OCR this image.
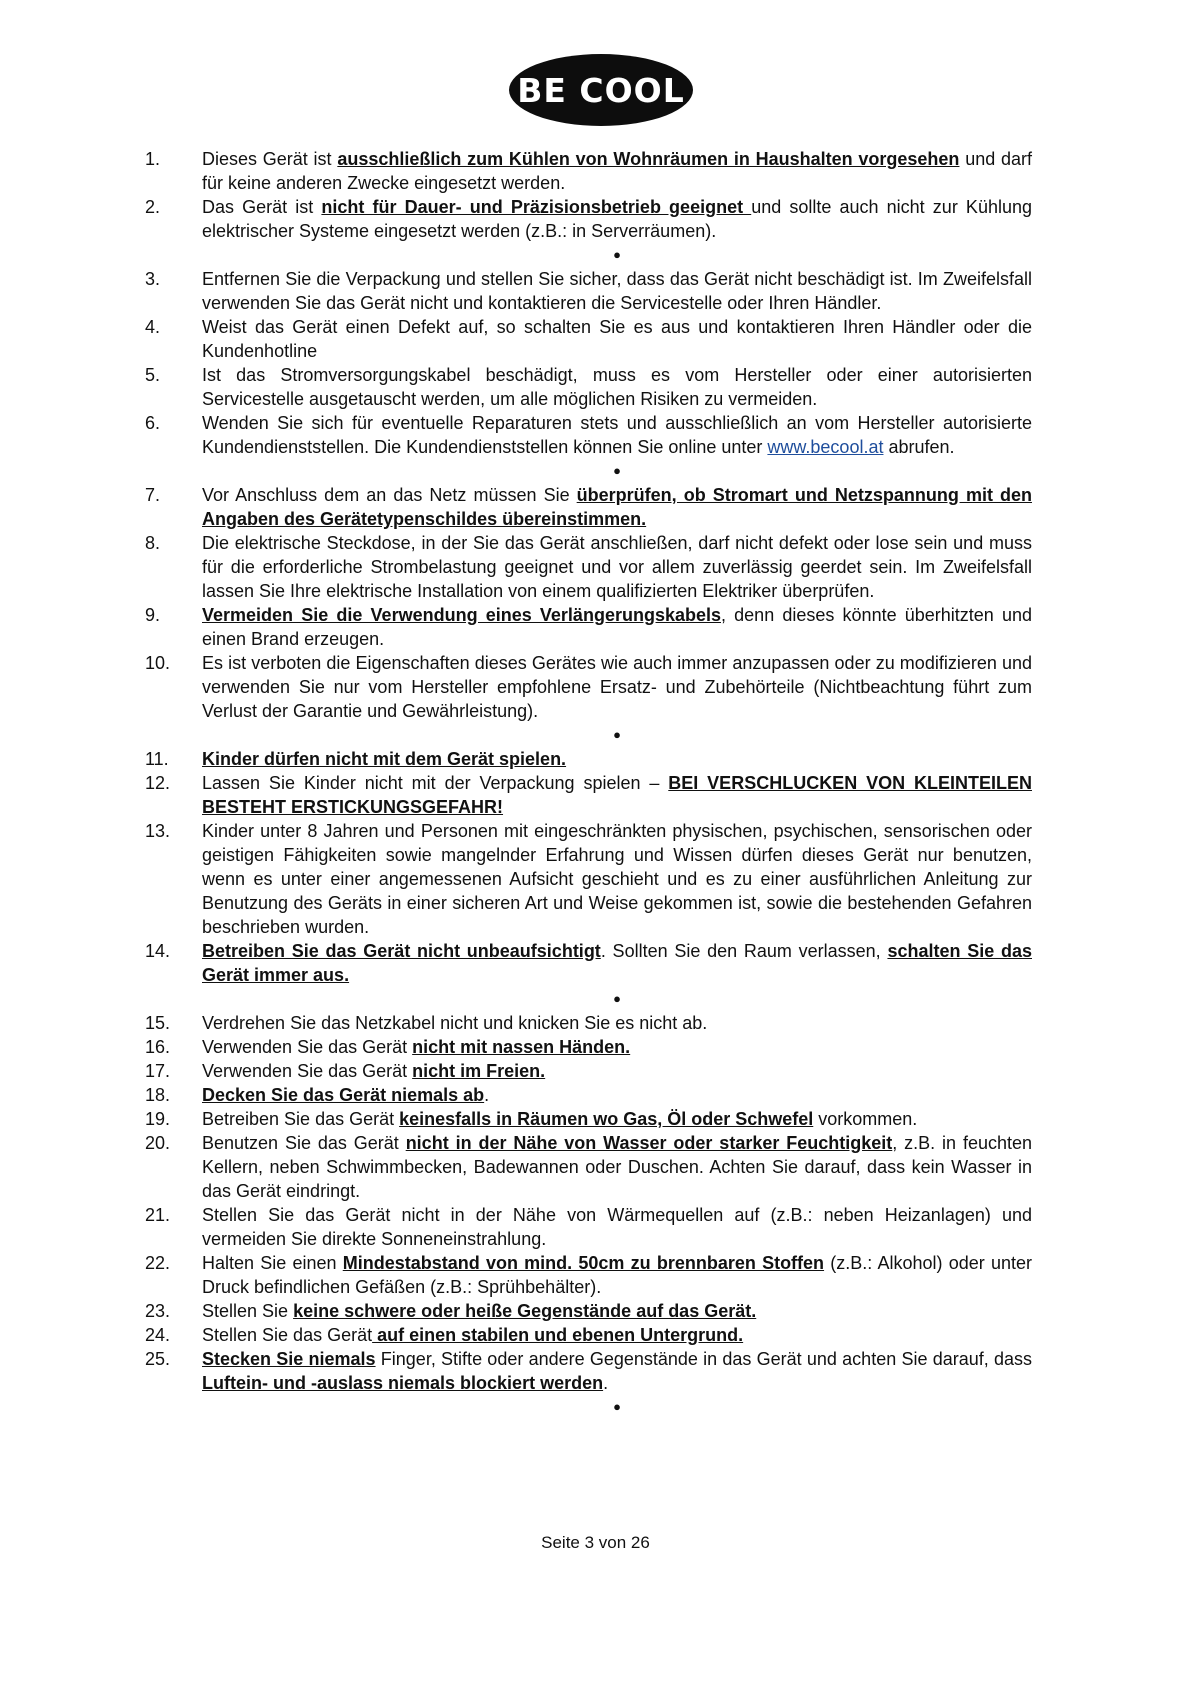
BE COOL
1.	Dieses Gerät ist ausschließlich zum Kühlen von Wohnräumen in Haushalten vorgesehen und darf für keine anderen Zwecke eingesetzt werden.
2.	Das Gerät ist nicht für Dauer- und Präzisionsbetrieb geeignet und sollte auch nicht zur Kühlung elektrischer Systeme eingesetzt werden (z.B.: in Serverräumen).
●
3.	Entfernen Sie die Verpackung und stellen Sie sicher, dass das Gerät nicht beschädigt ist. Im Zweifelsfall verwenden Sie das Gerät nicht und kontaktieren die Servicestelle oder Ihren Händler.
4.	Weist das Gerät einen Defekt auf, so schalten Sie es aus und kontaktieren Ihren Händler oder die Kundenhotline
5.	Ist das Stromversorgungskabel beschädigt, muss es vom Hersteller oder einer autorisierten Servicestelle ausgetauscht werden, um alle möglichen Risiken zu vermeiden.
6.	Wenden Sie sich für eventuelle Reparaturen stets und ausschließlich an vom Hersteller autorisierte Kundendienststellen. Die Kundendienststellen können Sie online unter www.becool.at abrufen.
●
7.	Vor Anschluss dem an das Netz müssen Sie überprüfen, ob Stromart und Netzspannung mit den Angaben des Gerätetypenschildes übereinstimmen.
8.	Die elektrische Steckdose, in der Sie das Gerät anschließen, darf nicht defekt oder lose sein und muss für die erforderliche Strombelastung geeignet und vor allem zuverlässig geerdet sein. Im Zweifelsfall lassen Sie Ihre elektrische Installation von einem qualifizierten Elektriker überprüfen.
9.	Vermeiden Sie die Verwendung eines Verlängerungskabels, denn dieses könnte überhitzten und einen Brand erzeugen.
10.	Es ist verboten die Eigenschaften dieses Gerätes wie auch immer anzupassen oder zu modifizieren und verwenden Sie nur vom Hersteller empfohlene Ersatz- und Zubehörteile (Nichtbeachtung führt zum Verlust der Garantie und Gewährleistung).
●
11.	Kinder dürfen nicht mit dem Gerät spielen.
12.	Lassen Sie Kinder nicht mit der Verpackung spielen – BEI VERSCHLUCKEN VON KLEINTEILEN BESTEHT ERSTICKUNGSGEFAHR!
13.	Kinder unter 8 Jahren und Personen mit eingeschränkten physischen, psychischen, sensorischen oder geistigen Fähigkeiten sowie mangelnder Erfahrung und Wissen dürfen dieses Gerät nur benutzen, wenn es unter einer angemessenen Aufsicht geschieht und es zu einer ausführlichen Anleitung zur Benutzung des Geräts in einer sicheren Art und Weise gekommen ist, sowie die bestehenden Gefahren beschrieben wurden.
14.	Betreiben Sie das Gerät nicht unbeaufsichtigt. Sollten Sie den Raum verlassen, schalten Sie das Gerät immer aus.
●
15.	Verdrehen Sie das Netzkabel nicht und knicken Sie es nicht ab.
16.	Verwenden Sie das Gerät nicht mit nassen Händen.
17.	Verwenden Sie das Gerät nicht im Freien.
18.	Decken Sie das Gerät niemals ab.
19.	Betreiben Sie das Gerät keinesfalls in Räumen wo Gas, Öl oder Schwefel vorkommen.
20.	Benutzen Sie das Gerät nicht in der Nähe von Wasser oder starker Feuchtigkeit, z.B. in feuchten Kellern, neben Schwimmbecken, Badewannen oder Duschen. Achten Sie darauf, dass kein Wasser in das Gerät eindringt.
21.	Stellen Sie das Gerät nicht in der Nähe von Wärmequellen auf (z.B.: neben Heizanlagen) und vermeiden Sie direkte Sonneneinstrahlung.
22.	Halten Sie einen Mindestabstand von mind. 50cm zu brennbaren Stoffen (z.B.: Alkohol) oder unter Druck befindlichen Gefäßen (z.B.: Sprühbehälter).
23.	Stellen Sie keine schwere oder heiße Gegenstände auf das Gerät.
24.	Stellen Sie das Gerät auf einen stabilen und ebenen Untergrund.
25.	Stecken Sie niemals Finger, Stifte oder andere Gegenstände in das Gerät und achten Sie darauf, dass Luftein- und -auslass niemals blockiert werden.
●
Seite 3 von 26
